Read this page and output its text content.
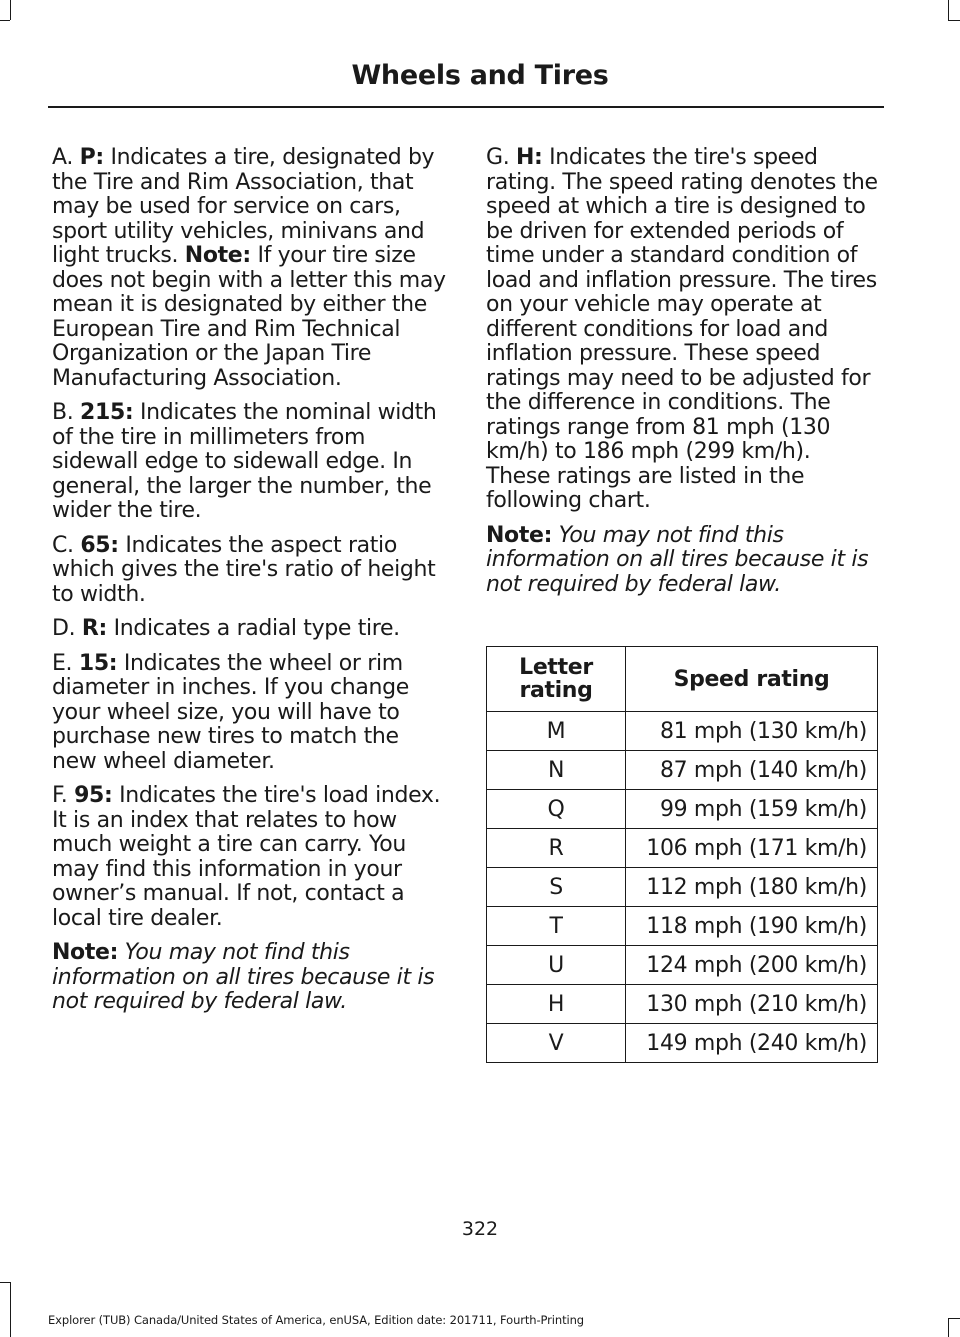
Wheels and Tires

A. P: Indicates a tire, designated by the Tire and Rim Association, that may be used for service on cars, sport utility vehicles, minivans and light trucks. Note: If your tire size does not begin with a letter this may mean it is designated by either the European Tire and Rim Technical Organization or the Japan Tire Manufacturing Association.

B. 215: Indicates the nominal width of the tire in millimeters from sidewall edge to sidewall edge. In general, the larger the number, the wider the tire.

C. 65: Indicates the aspect ratio which gives the tire's ratio of height to width.

D. R: Indicates a radial type tire.

E. 15: Indicates the wheel or rim diameter in inches. If you change your wheel size, you will have to purchase new tires to match the new wheel diameter.

F. 95: Indicates the tire's load index. It is an index that relates to how much weight a tire can carry. You may find this information in your owner’s manual. If not, contact a local tire dealer.

Note: You may not find this information on all tires because it is not required by federal law.

G. H: Indicates the tire's speed rating. The speed rating denotes the speed at which a tire is designed to be driven for extended periods of time under a standard condition of load and inflation pressure. The tires on your vehicle may operate at different conditions for load and inflation pressure. These speed ratings may need to be adjusted for the difference in conditions. The ratings range from 81 mph (130 km/h) to 186 mph (299 km/h). These ratings are listed in the following chart.

Note: You may not find this information on all tires because it is not required by federal law.

Letter rating	Speed rating
M	81 mph (130 km/h)
N	87 mph (140 km/h)
Q	99 mph (159 km/h)
R	106 mph (171 km/h)
S	112 mph (180 km/h)
T	118 mph (190 km/h)
U	124 mph (200 km/h)
H	130 mph (210 km/h)
V	149 mph (240 km/h)
322
Explorer (TUB) Canada/United States of America, enUSA, Edition date: 201711, Fourth-Printing
